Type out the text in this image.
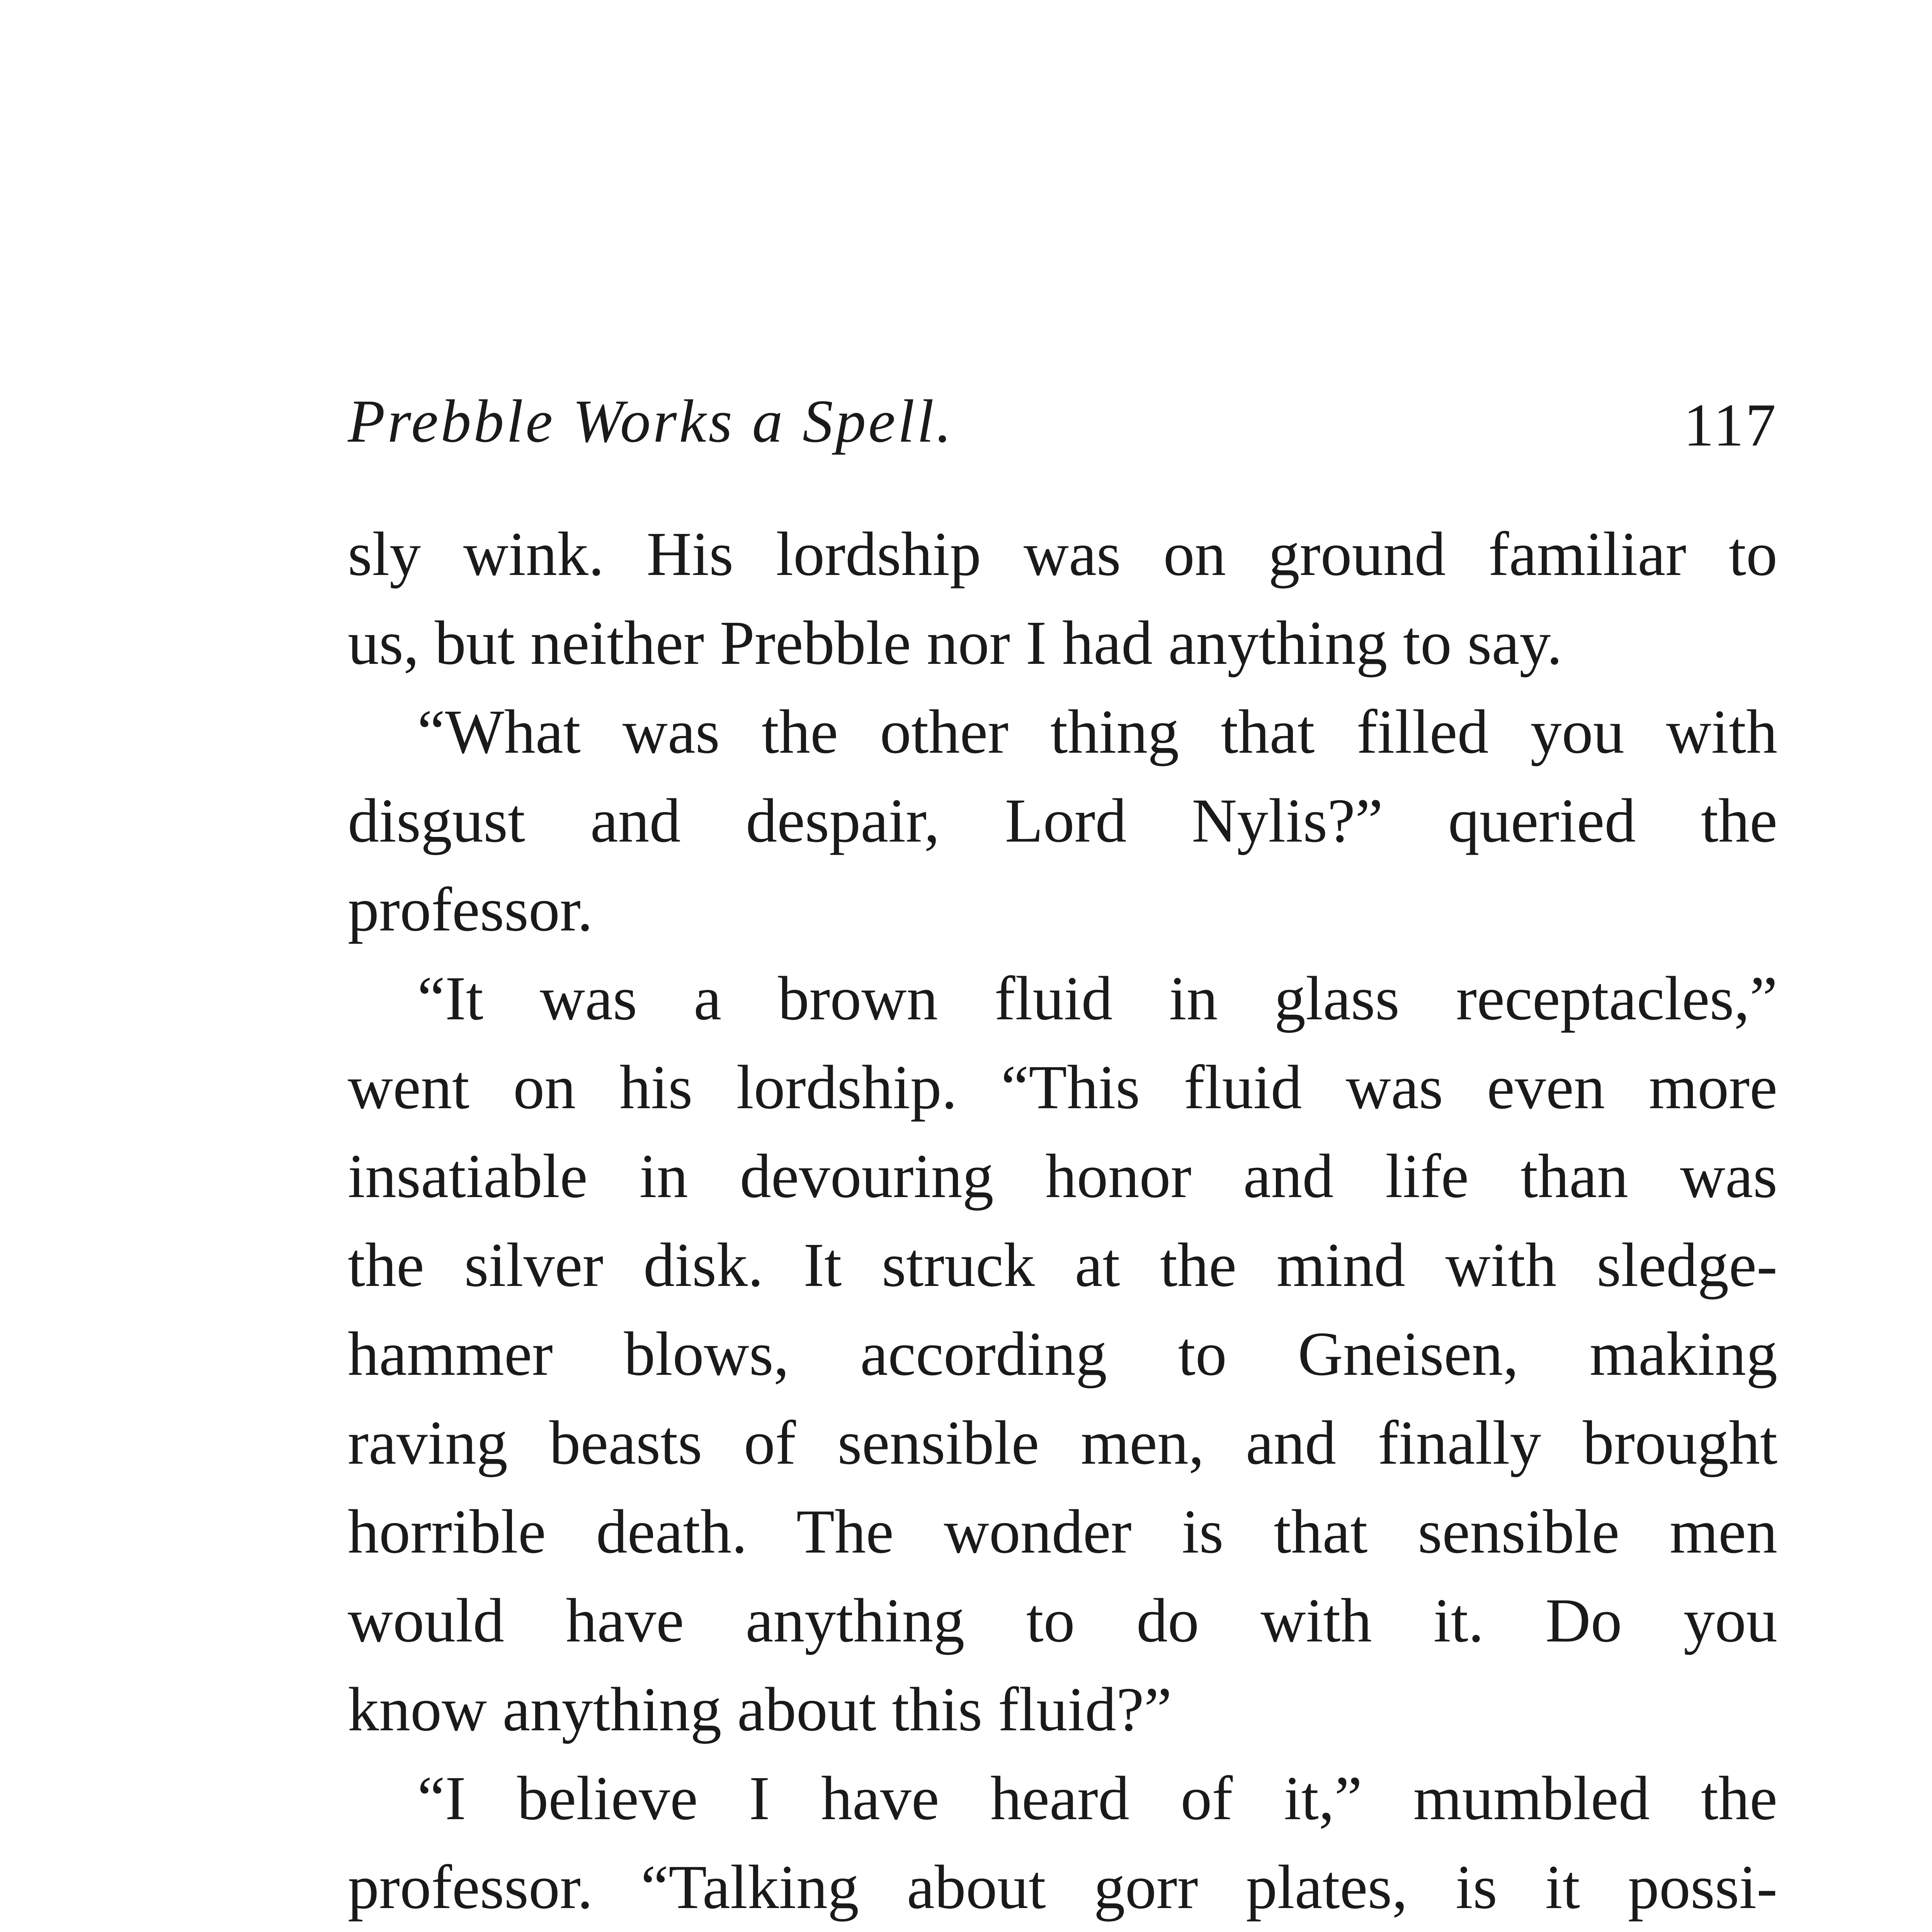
Prebble Works a Spell.	117
sly wink. His lordship was on ground familiar to
us, but neither Prebble nor I had anything to say.
“What was the other thing that filled you with
disgust and despair, Lord Nylis?” queried the
professor.
“It was a brown fluid in glass receptacles,”
went on his lordship. “This fluid was even more
insatiable in devouring honor and life than was
the silver disk. It struck at the mind with sledge-
hammer blows, according to Gneisen, making
raving beasts of sensible men, and finally brought
horrible death. The wonder is that sensible men
would have anything to do with it. Do you
know anything about this fluid?”
“I believe I have heard of it,” mumbled the
professor. “Talking about gorr plates, is it possi-
